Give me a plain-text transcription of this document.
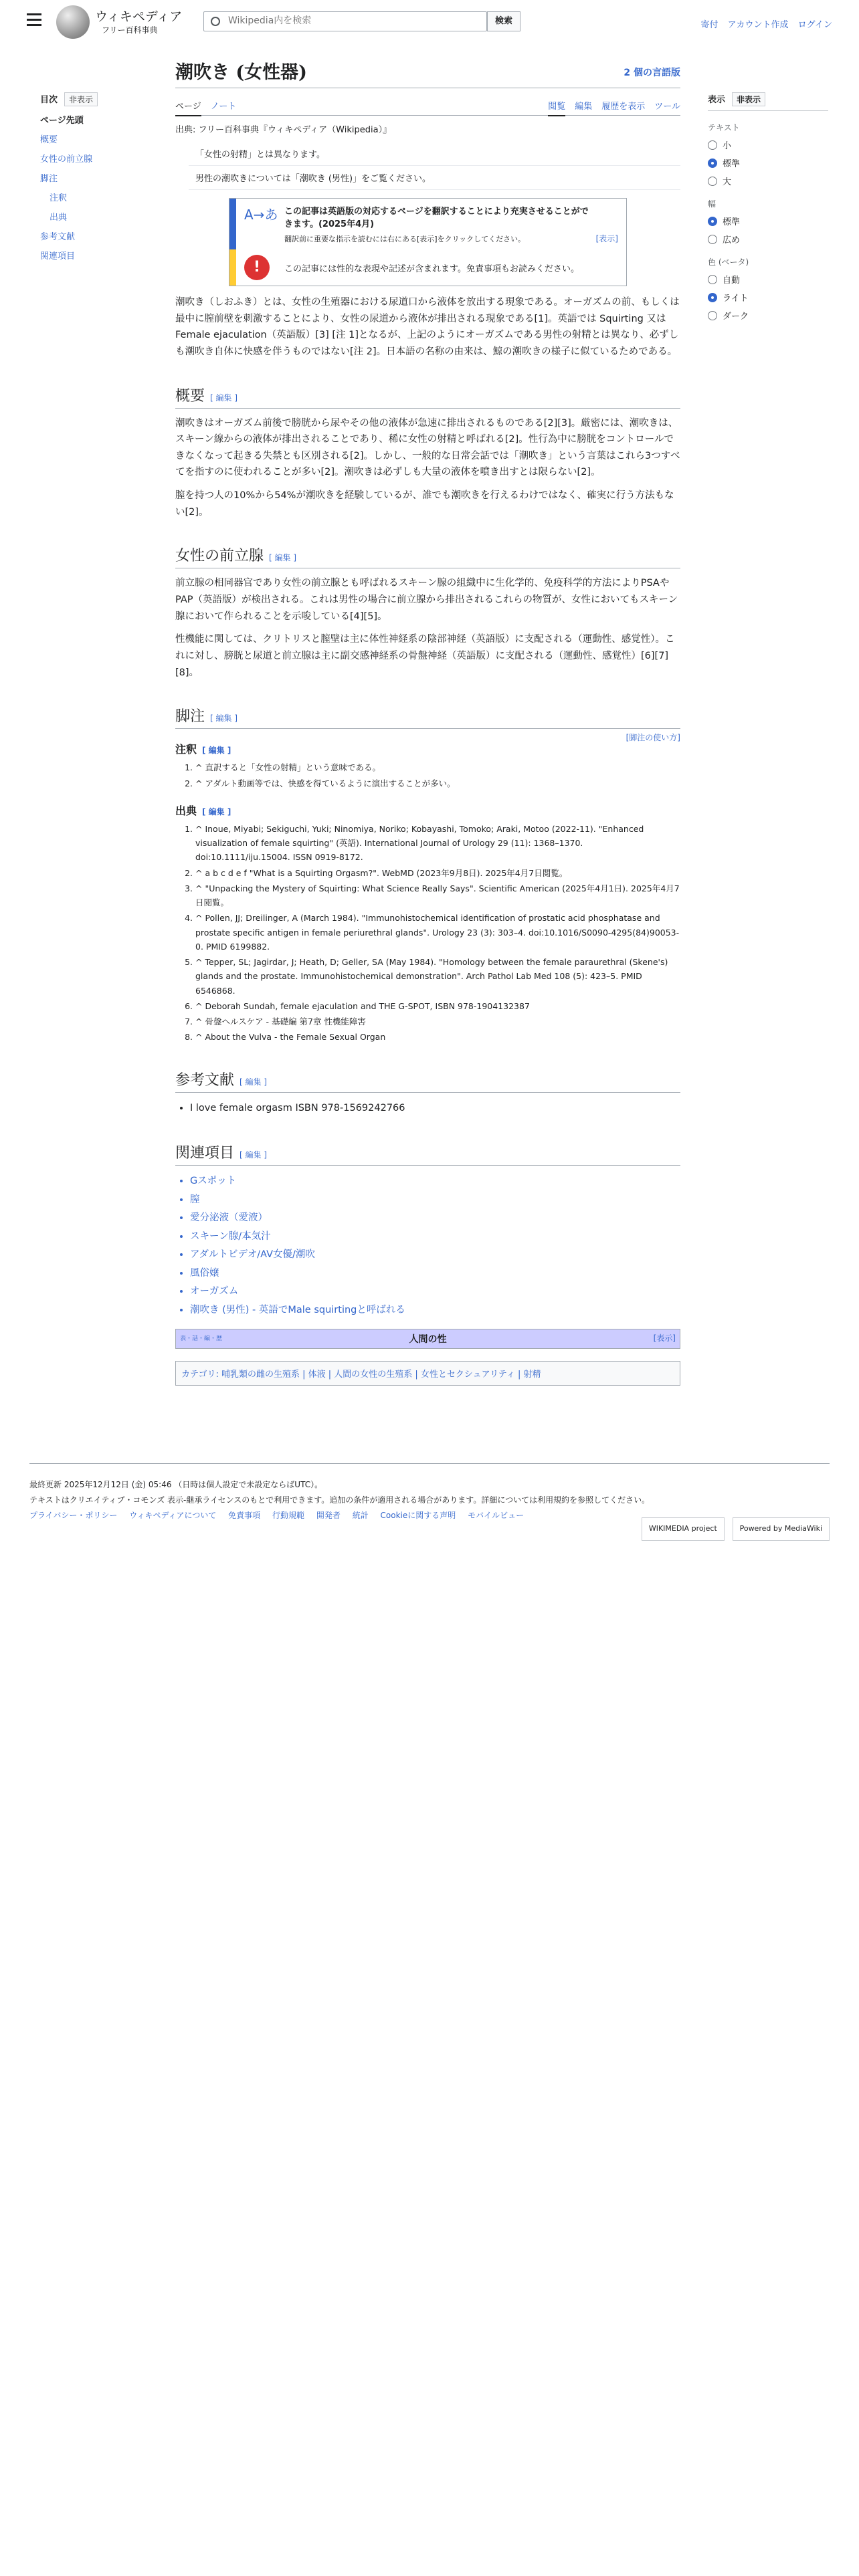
ウィキペディア
フリー百科事典
Wikipedia内を検索
検索	寄付 アカウント作成 ログイン
目次 非表示
ページ先頭
概要
女性の前立腺
脚注
注釈
出典
参考文献
関連項目
潮吹き (女性器)	2 個の言語版
ページ ノート	閲覧 編集 履歴を表示 ツール
出典: フリー百科事典『ウィキペディア（Wikipedia）』
「女性の射精」とは異なります。
男性の潮吹きについては「潮吹き (男性)」をご覧ください。
A→あ この記事は英語版の対応するページを翻訳することにより充実させることができます。(2025年4月)
翻訳前に重要な指示を読むには右にある[表示]をクリックしてください。	[表示]
!	この記事には性的な表現や記述が含まれます。免責事項もお読みください。

潮吹き（しおふき）とは、女性の生殖器における尿道口から液体を放出する現象である。オーガズムの前、もしくは最中に膣前壁を刺激することにより、女性の尿道から液体が排出される現象である[1]。英語では Squirting 又はFemale ejaculation（英語版）[3] [注 1]となるが、上記のようにオーガズムである男性の射精とは異なり、必ずしも潮吹き自体に快感を伴うものではない[注 2]。日本語の名称の由来は、鯨の潮吹きの様子に似ているためである。

概要 [ 編集 ]

潮吹きはオーガズム前後で膀胱から尿やその他の液体が急速に排出されるものである[2][3]。厳密には、潮吹きは、スキーン線からの液体が排出されることであり、稀に女性の射精と呼ばれる[2]。性行為中に膀胱をコントロールできなくなって起きる失禁とも区別される[2]。しかし、一般的な日常会話では「潮吹き」という言葉はこれら3つすべてを指すのに使われることが多い[2]。潮吹きは必ずしも大量の液体を噴き出すとは限らない[2]。

膣を持つ人の10%から54%が潮吹きを経験しているが、誰でも潮吹きを行えるわけではなく、確実に行う方法もない[2]。

女性の前立腺 [ 編集 ]

前立腺の相同器官であり女性の前立腺とも呼ばれるスキーン腺の組織中に生化学的、免疫科学的方法によりPSAやPAP（英語版）が検出される。これは男性の場合に前立腺から排出されるこれらの物質が、女性においてもスキーン腺において作られることを示唆している[4][5]。

性機能に関しては、クリトリスと膣壁は主に体性神経系の陰部神経（英語版）に支配される（運動性、感覚性）。これに対し、膀胱と尿道と前立腺は主に副交感神経系の骨盤神経（英語版）に支配される（運動性、感覚性）[6][7][8]。

脚注 [ 編集 ]
[脚注の使い方]
注釈 [ 編集 ]
1. ^ 直訳すると「女性の射精」という意味である。
2. ^ アダルト動画等では、快感を得ているように演出することが多い。
出典 [ 編集 ]
1. ^ Inoue, Miyabi; Sekiguchi, Yuki; Ninomiya, Noriko; Kobayashi, Tomoko; Araki, Motoo (2022-11). "Enhanced visualization of female squirting" (英語). International Journal of Urology 29 (11): 1368–1370. doi:10.1111/iju.15004. ISSN 0919-8172.
2. ^ a b c d e f "What is a Squirting Orgasm?". WebMD (2023年9月8日). 2025年4月7日閲覧。
3. ^ "Unpacking the Mystery of Squirting: What Science Really Says". Scientific American (2025年4月1日). 2025年4月7日閲覧。
4. ^ Pollen, JJ; Dreilinger, A (March 1984). "Immunohistochemical identification of prostatic acid phosphatase and prostate specific antigen in female periurethral glands". Urology 23 (3): 303–4. doi:10.1016/S0090-4295(84)90053-0. PMID 6199882.
5. ^ Tepper, SL; Jagirdar, J; Heath, D; Geller, SA (May 1984). "Homology between the female paraurethral (Skene's) glands and the prostate. Immunohistochemical demonstration". Arch Pathol Lab Med 108 (5): 423–5. PMID 6546868.
6. ^ Deborah Sundah, female ejaculation and THE G-SPOT, ISBN 978-1904132387
7. ^ 骨盤ヘルスケア - 基礎編 第7章 性機能障害
8. ^ About the Vulva - the Female Sexual Organ
参考文献 [ 編集 ]
• I love female orgasm ISBN 978-1569242766
関連項目 [ 編集 ]
• Gスポット
• 膣
• 愛分泌液（愛液）
• スキーン腺/本気汁
• アダルトビデオ/AV女優/潮吹
• 風俗嬢
• オーガズム
• 潮吹き (男性) - 英語でMale squirtingと呼ばれる
表・話・編・歴	人間の性	[表示]
カテゴリ: 哺乳類の雌の生殖系 | 体液 | 人間の女性の生殖系 | 女性とセクシュアリティ | 射精
表示 非表示
テキスト
小
標準
大
幅
標準
広め
色 (ベータ)
自動
ライト
ダーク
最終更新 2025年12月12日 (金) 05:46 （日時は個人設定で未設定ならばUTC）。
テキストはクリエイティブ・コモンズ 表示-継承ライセンスのもとで利用できます。追加の条件が適用される場合があります。詳細については利用規約を参照してください。
プライバシー・ポリシー ウィキペディアについて 免責事項 行動規範 開発者 統計 Cookieに関する声明 モバイルビュー
WIKIMEDIA project	Powered by MediaWiki
